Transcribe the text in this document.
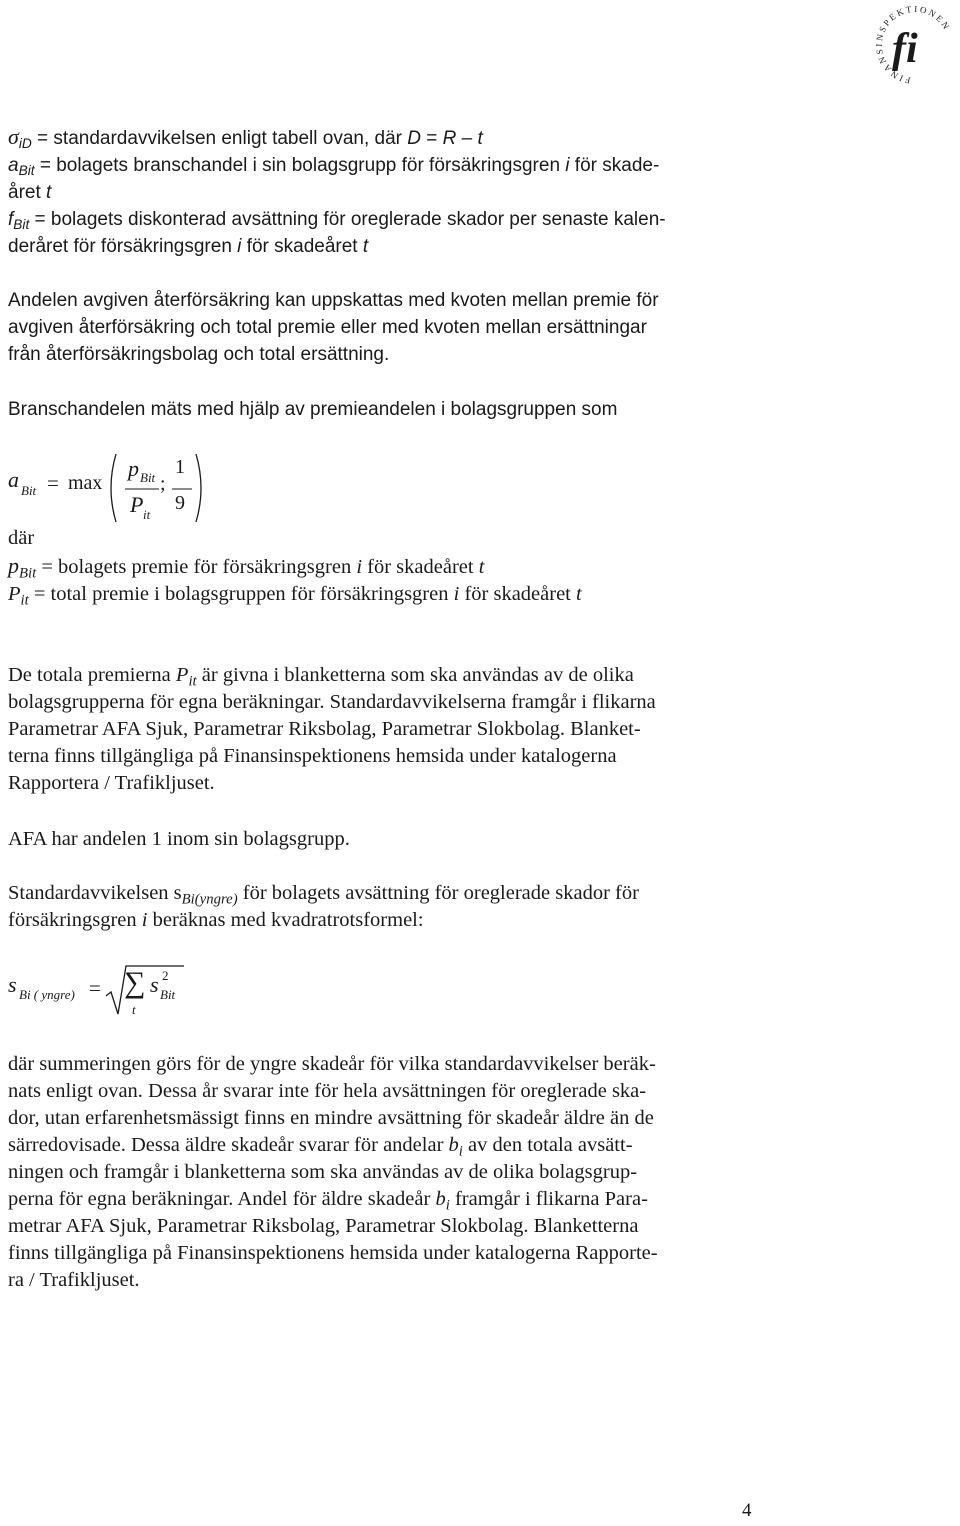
FINANSINSPEKTIONEN
fi
$\sigma_{iD}$ = standardavvikelsen enligt tabell ovan, där D = R – t
$a_{Bit}$ = bolagets branschandel i sin bolagsgrupp för försäkringsgren i för skade-
året t
$f_{Bit}$ = bolagets diskonterad avsättning för oreglerade skador per senaste kalen-
deråret för försäkringsgren i för skadeåret t
Andelen avgiven återförsäkring kan uppskattas med kvoten mellan premie för
avgiven återförsäkring och total premie eller med kvoten mellan ersättningar
från återförsäkringsbolag och total ersättning.
Branschandelen mäts med hjälp av premieandelen i bolagsgruppen som
a Bit = max
p Bit
P it
;
1
9
där
$p_{Bit}$ = bolagets premie för försäkringsgren i för skadeåret t
$P_{it}$ = total premie i bolagsgruppen för försäkringsgren i för skadeåret t
De totala premierna $P_{it}$ är givna i blanketterna som ska användas av de olika
bolagsgrupperna för egna beräkningar. Standardavvikelserna framgår i flikarna
Parametrar AFA Sjuk, Parametrar Riksbolag, Parametrar Slokbolag. Blanket-
terna finns tillgängliga på Finansinspektionens hemsida under katalogerna
Rapportera / Trafikljuset.
AFA har andelen 1 inom sin bolagsgrupp.
Standardavvikelsen $s_{Bi(yngre)}$ för bolagets avsättning för oreglerade skador för
försäkringsgren i beräknas med kvadratrotsformel:
s Bi ( yngre) = ∑
t
s 2
Bit
där summeringen görs för de yngre skadeår för vilka standardavvikelser beräk-
nats enligt ovan. Dessa år svarar inte för hela avsättningen för oreglerade ska-
dor, utan erfarenhetsmässigt finns en mindre avsättning för skadeår äldre än de
särredovisade. Dessa äldre skadeår svarar för andelar $b_i$ av den totala avsätt-
ningen och framgår i blanketterna som ska användas av de olika bolagsgrup-
perna för egna beräkningar. Andel för äldre skadeår $b_i$ framgår i flikarna Para-
metrar AFA Sjuk, Parametrar Riksbolag, Parametrar Slokbolag. Blanketterna
finns tillgängliga på Finansinspektionens hemsida under katalogerna Rapporte-
ra / Trafikljuset.
4
